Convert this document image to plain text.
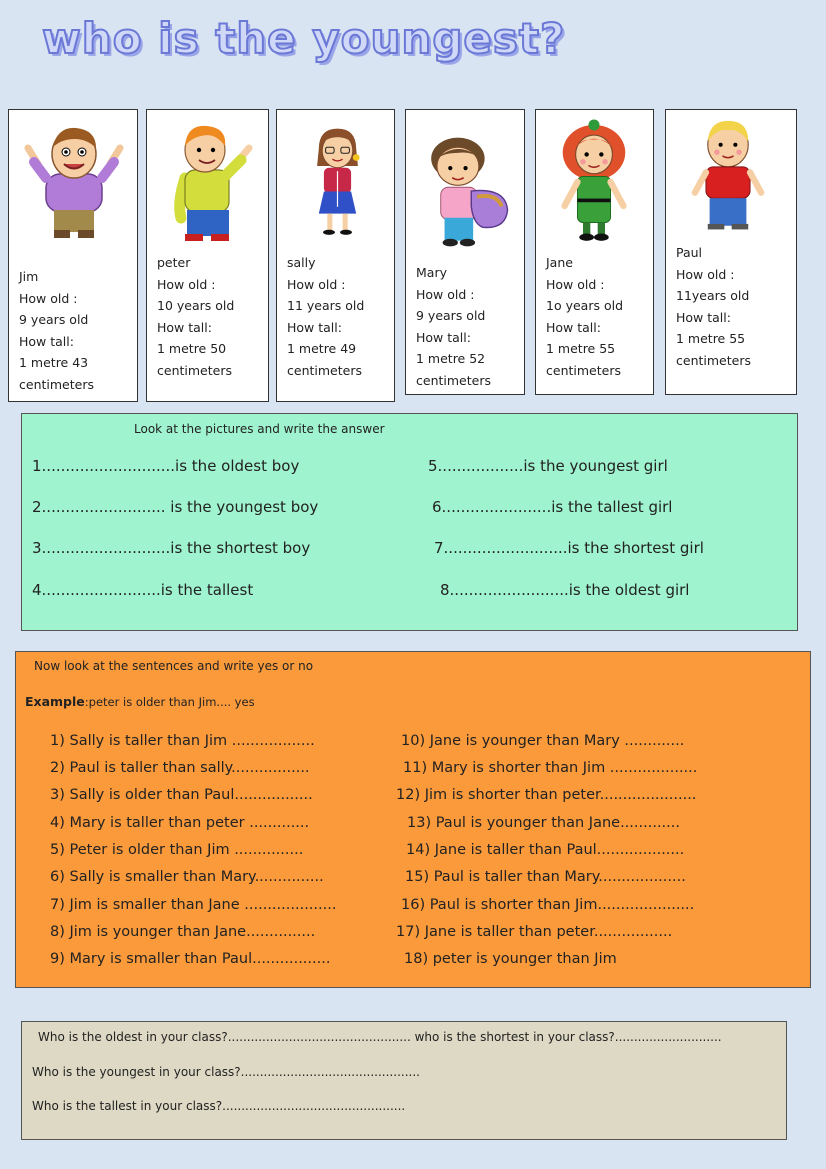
who is the youngest?
Jim
How old :
9 years old
How tall:
1 metre 43
centimeters
peter
How old :
10 years old
How tall:
1 metre 50
centimeters
sally
How old :
11 years old
How tall:
1 metre 49
centimeters
Mary
How old :
9 years old
How tall:
1 metre 52
centimeters
Jane
How old :
1o years old
How tall:
1 metre 55
centimeters
Paul
How old :
11years old
How tall:
1 metre 55
centimeters
Look at the pictures and write the answer
1............................is the oldest boy
2.......................... is the youngest boy
3...........................is the shortest boy
4.........................is the tallest
5..................is the youngest girl
6.......................is the tallest girl
7..........................is the shortest girl
8.........................is the oldest girl
Now look at the sentences and write yes or no
Example:peter is older than Jim.... yes
1) Sally is taller than Jim ..................
2) Paul is taller than sally.................
3) Sally is older than Paul.................
4) Mary is taller than peter .............
5) Peter is older than Jim ...............
6) Sally is smaller than Mary...............
7) Jim is smaller than Jane ....................
8) Jim is younger than Jane...............
9) Mary is smaller than Paul.................
10) Jane is younger than Mary .............
11) Mary is shorter than Jim ...................
12) Jim is shorter than peter.....................
13) Paul is younger than Jane.............
14) Jane is taller than Paul...................
15) Paul is taller than Mary...................
16) Paul is shorter than Jim.....................
17) Jane is taller than peter.................
18) peter is younger than Jim
Who is the oldest in your class?................................................ who is the shortest in your class?............................
Who is the youngest in your class?...............................................
Who is the tallest in your class?................................................
